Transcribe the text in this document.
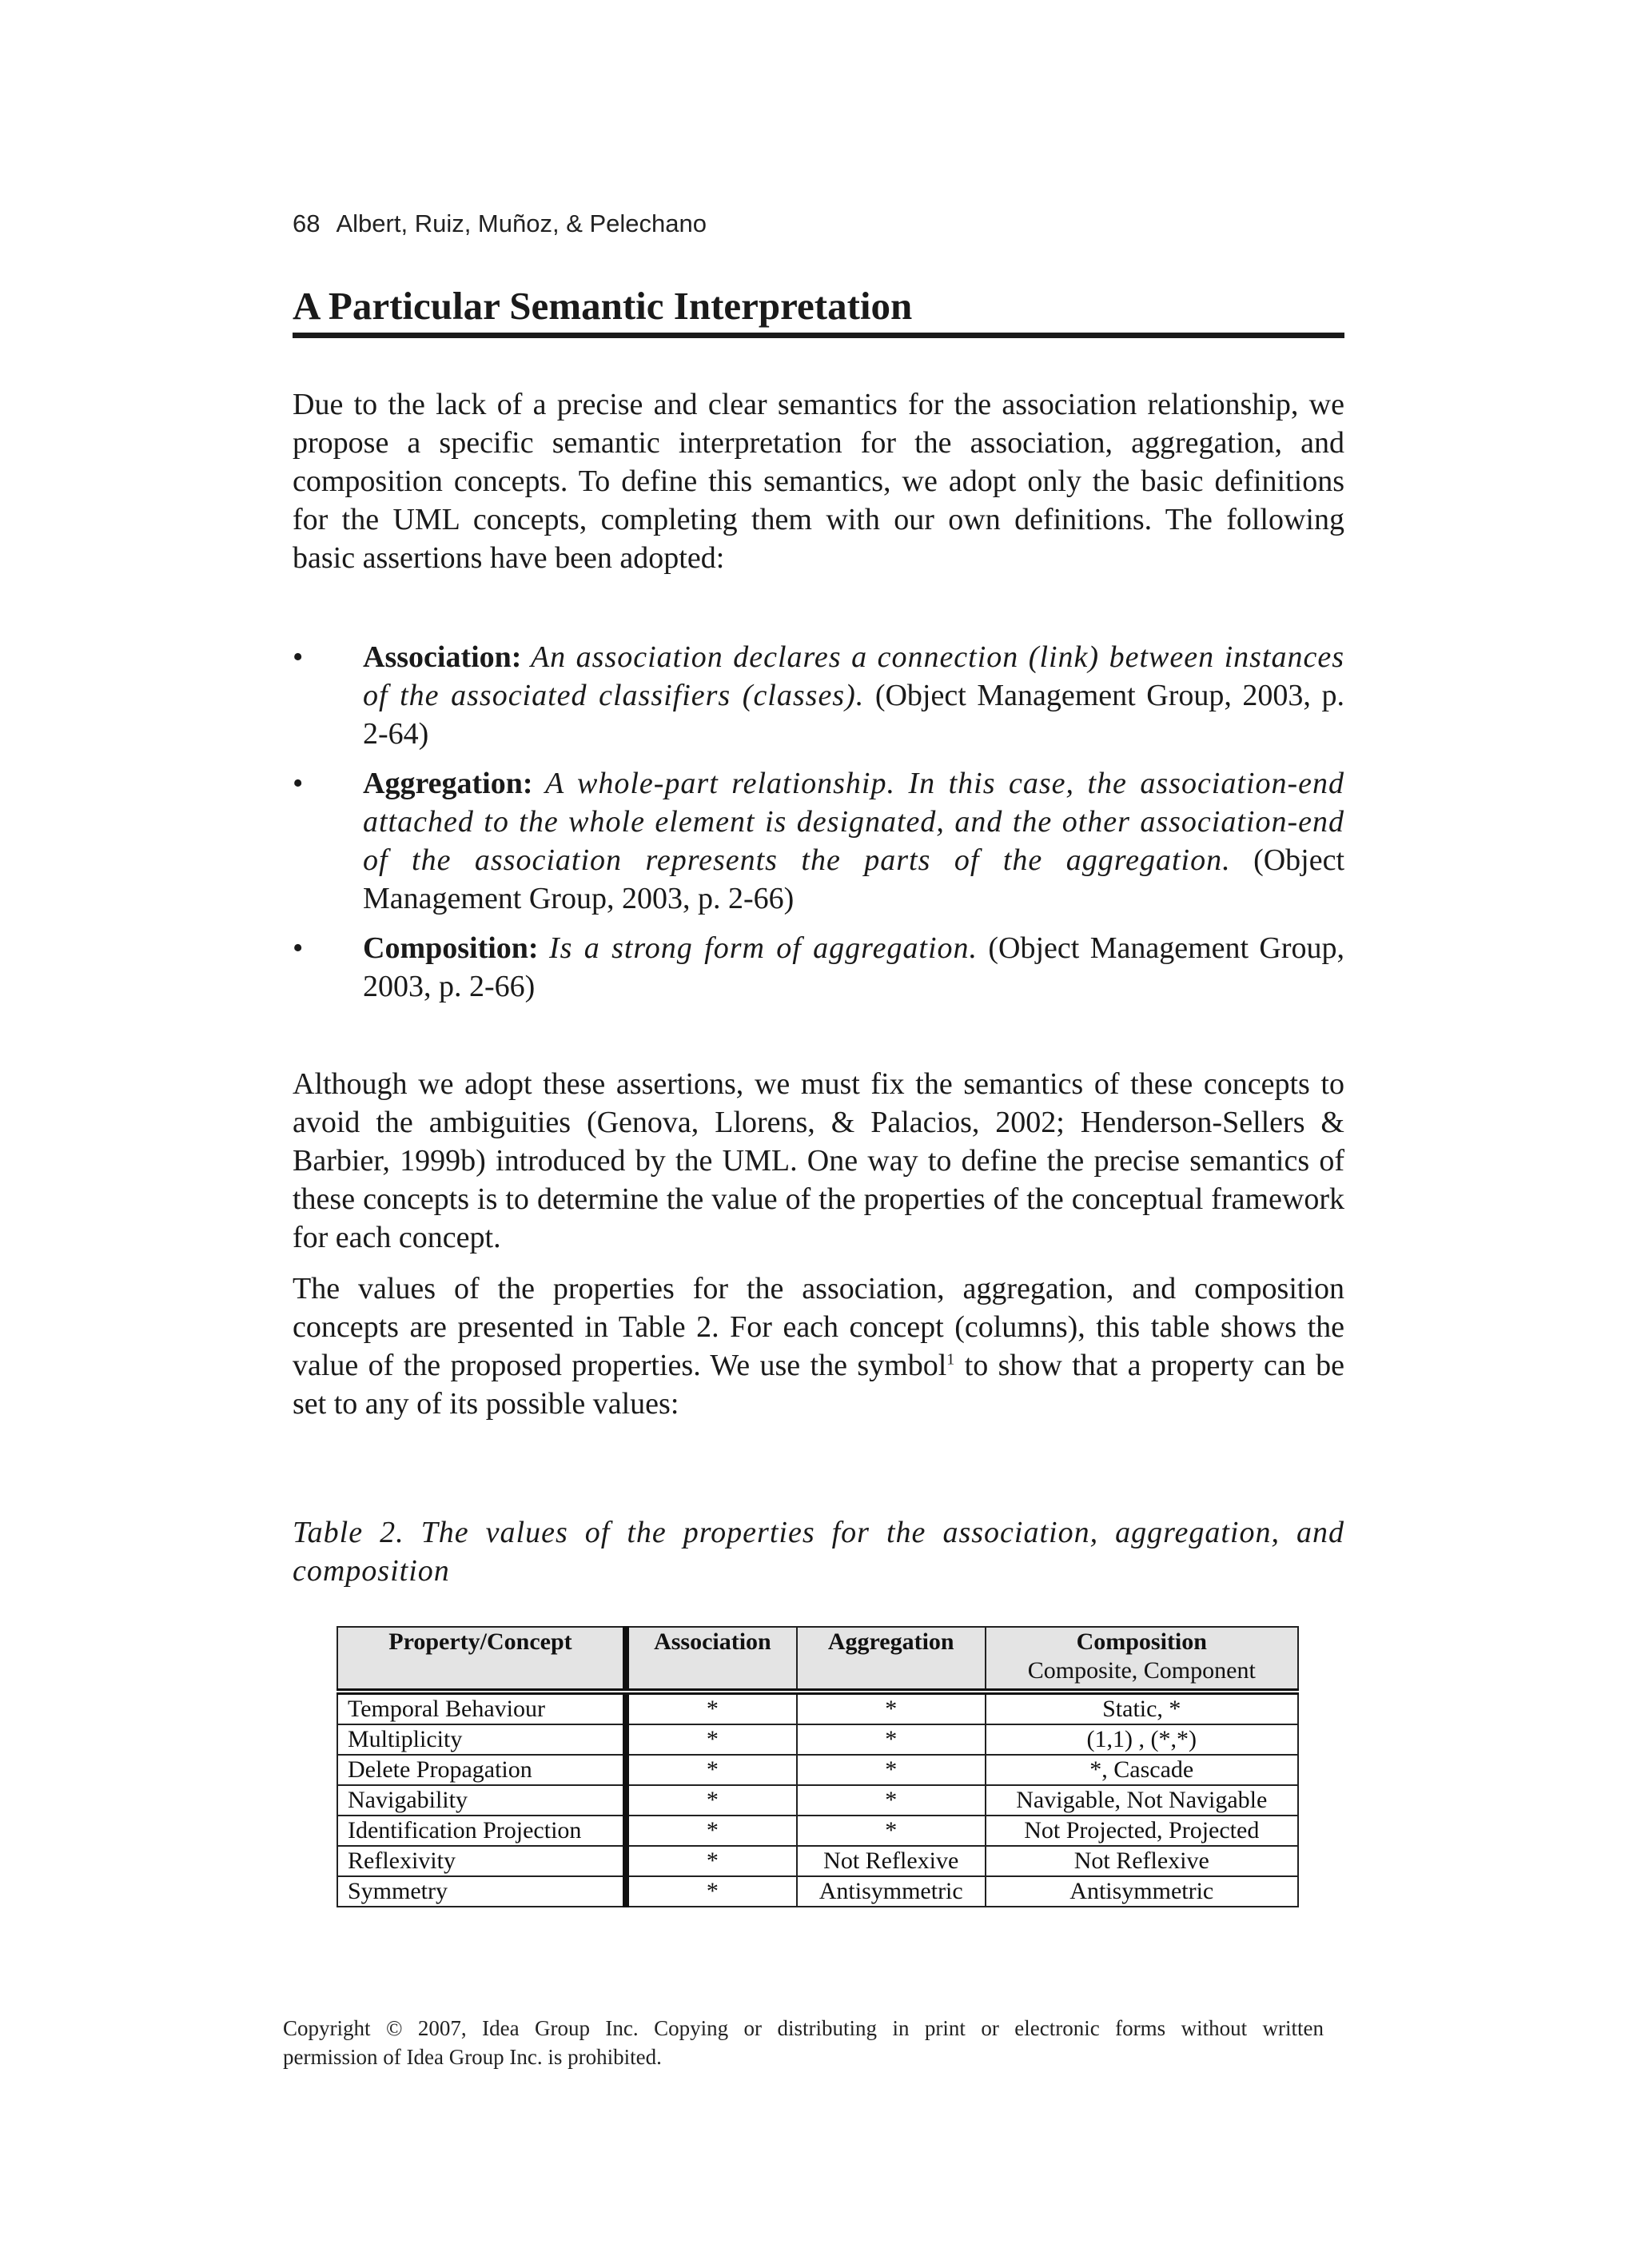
68 Albert, Ruiz, Muñoz, & Pelechano
A Particular Semantic Interpretation

Due to the lack of a precise and clear semantics for the association relationship, we propose a specific semantic interpretation for the association, aggregation, and composition concepts. To define this semantics, we adopt only the basic definitions for the UML concepts, completing them with our own definitions. The following basic assertions have been adopted:

• Association: An association declares a connection (link) between instances of the associated classifiers (classes). (Object Management Group, 2003, p. 2-64)
• Aggregation: A whole-part relationship. In this case, the association-end attached to the whole element is designated, and the other association-end of the association represents the parts of the aggregation. (Object Management Group, 2003, p. 2-66)
• Composition: Is a strong form of aggregation. (Object Management Group, 2003, p. 2-66)

Although we adopt these assertions, we must fix the semantics of these concepts to avoid the ambiguities (Genova, Llorens, & Palacios, 2002; Henderson-Sellers & Barbier, 1999b) introduced by the UML. One way to define the precise semantics of these concepts is to determine the value of the properties of the conceptual framework for each concept.

The values of the properties for the association, aggregation, and composition concepts are presented in Table 2. For each concept (columns), this table shows the value of the proposed properties. We use the symbol$^1$ to show that a property can be set to any of its possible values:

Table 2. The values of the properties for the association, aggregation, and composition

Property/Concept	Association	Aggregation	Composition
Composite, Component

Temporal Behaviour	*	*	Static, *
Multiplicity	*	*	(1,1) , (*,*)
Delete Propagation	*	*	*, Cascade
Navigability	*	*	Navigable, Not Navigable
Identification Projection	*	*	Not Projected, Projected
Reflexivity	*	Not Reflexive	Not Reflexive
Symmetry	*	Antisymmetric	Antisymmetric
Copyright © 2007, Idea Group Inc. Copying or distributing in print or electronic forms without written
permission of Idea Group Inc. is prohibited.
